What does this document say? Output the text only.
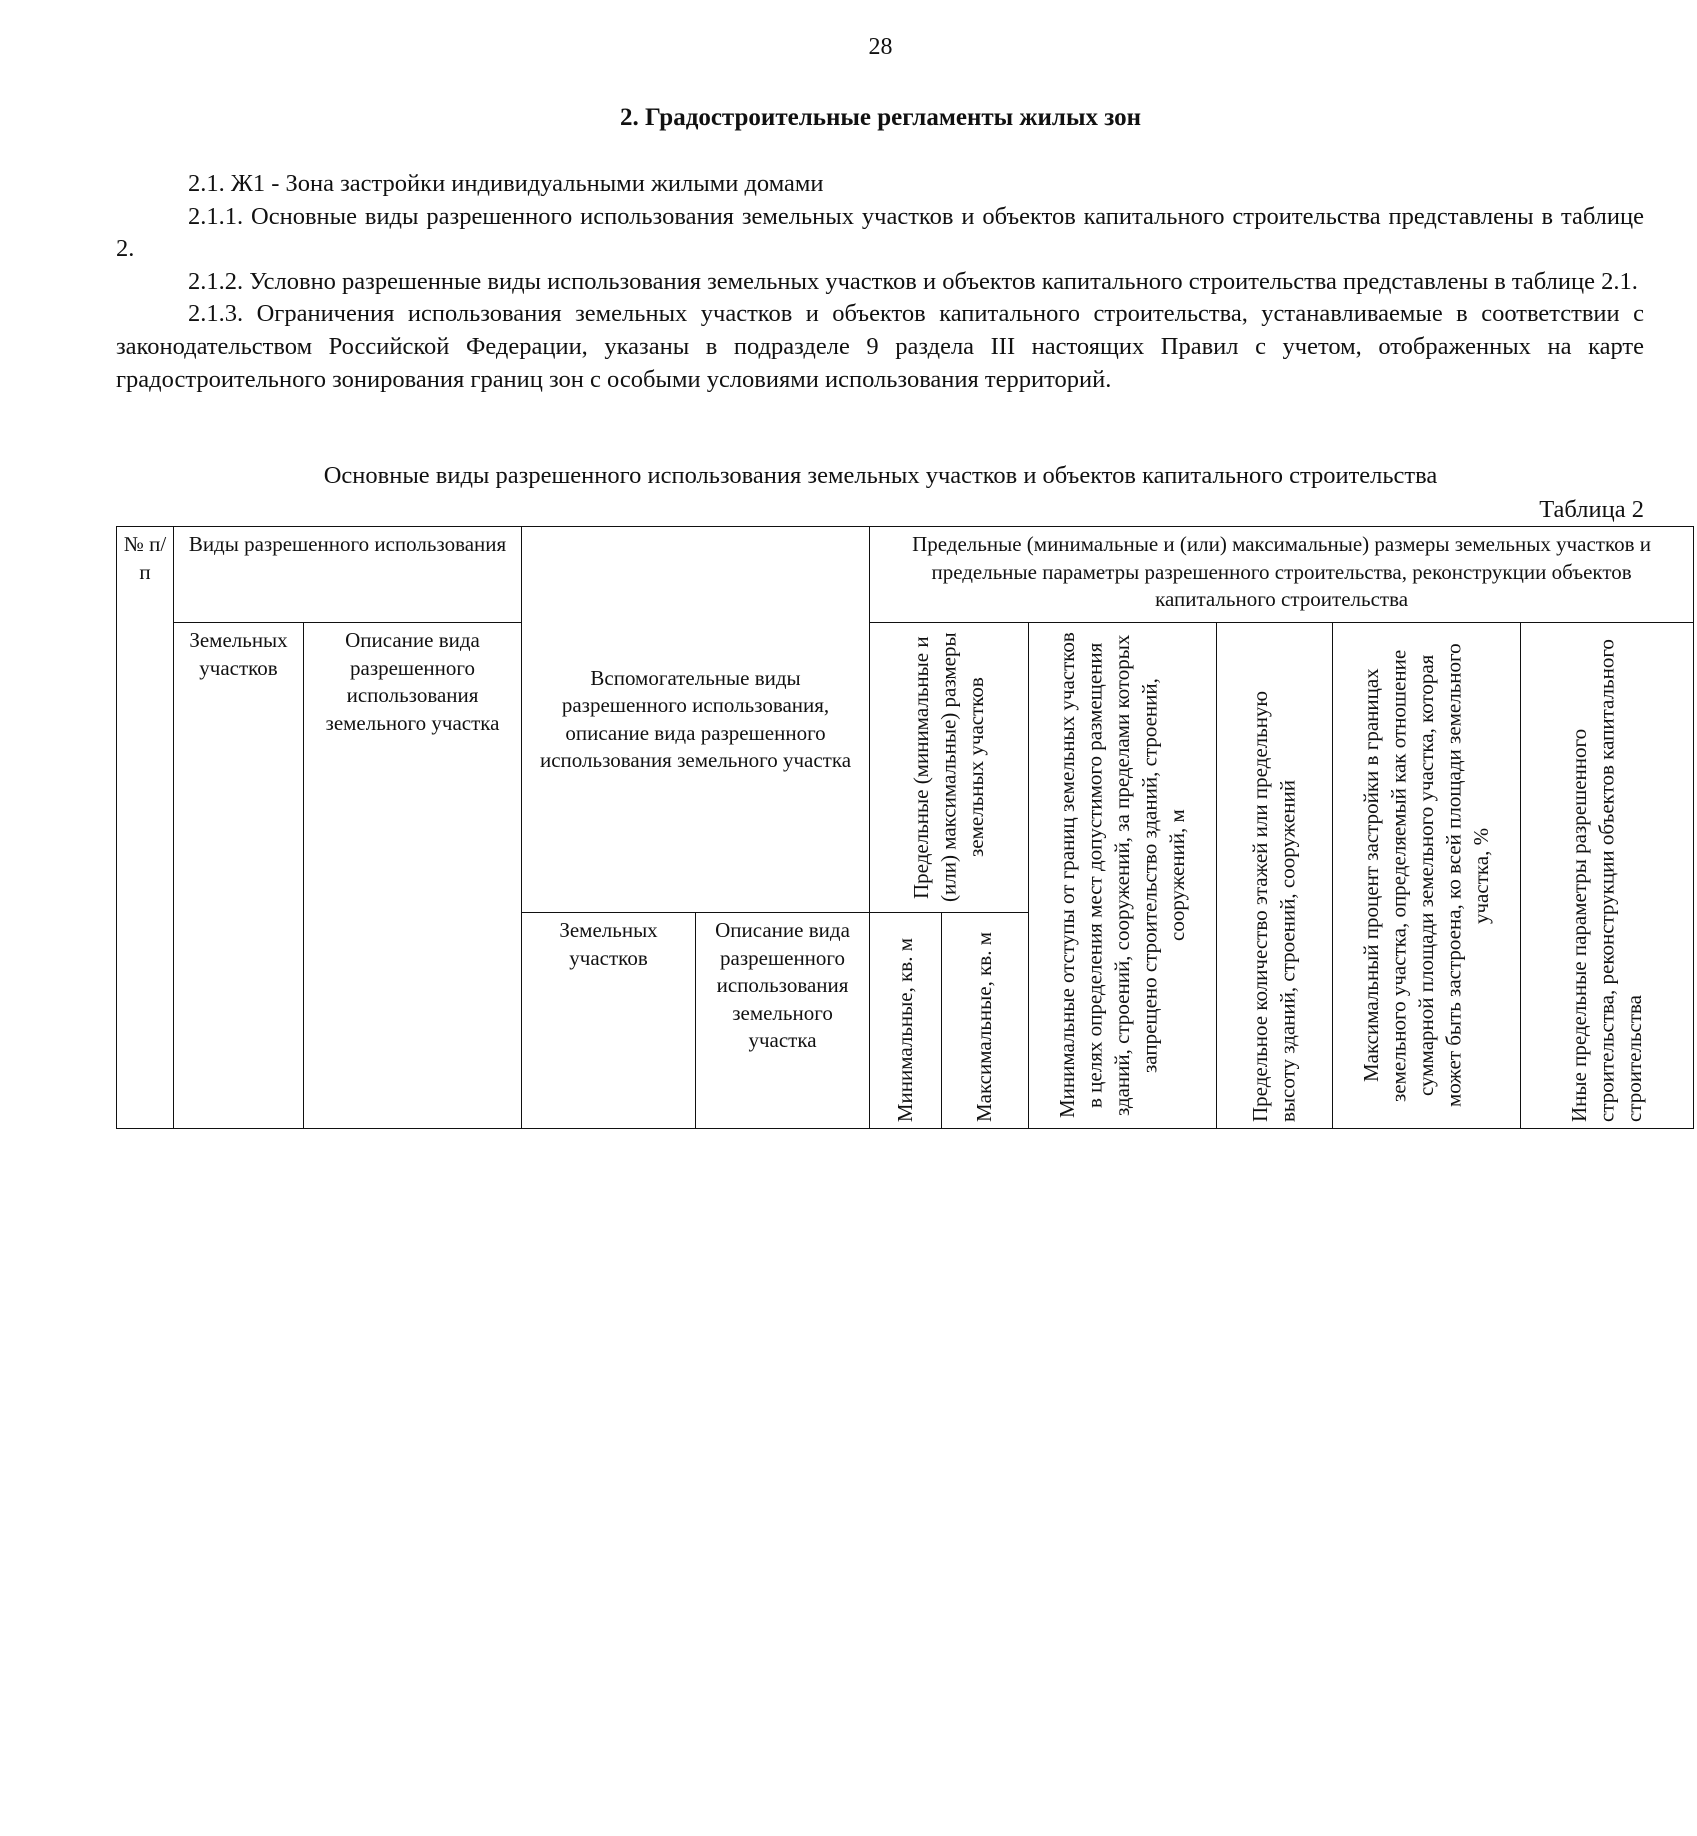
28
2. Градостроительные регламенты жилых зон

2.1. Ж1 - Зона застройки индивидуальными жилыми домами

2.1.1. Основные виды разрешенного использования земельных участков и объектов капитального строительства представлены в таблице 2.

2.1.2. Условно разрешенные виды использования земельных участков и объектов капитального строительства представлены в таблице 2.1.

2.1.3. Ограничения использования земельных участков и объектов капитального строительства, устанавливаемые в соответствии с законодательством Российской Федерации, указаны в подразделе 9 раздела III настоящих Правил с учетом, отображенных на карте градостроительного зонирования границ зон с особыми условиями использования территорий.

Основные виды разрешенного использования земельных участков и объектов капитального строительства
Таблица 2
№ п/п	Виды разрешенного использования		Вспомогательные виды разрешенного использования, описание вида разрешенного использования земельного участка		Предельные (минимальные и (или) максимальные) размеры земельных участков и предельные параметры разрешенного строительства, реконструкции объектов капитального строительства					
	Земельных участков	Описание вида разрешенного использования земельного участка			Предельные (минимальные и (или) максимальные) размеры земельных участков		Минимальные отступы от границ земельных участков в целях определения мест допустимого размещения зданий, строений, сооружений, за пределами которых запрещено строительство зданий, строений, сооружений, м	Предельное количество этажей или предельную высоту зданий, строений, сооружений	Максимальный процент застройки в границах земельного участка, определяемый как отношение суммарной площади земельного участка, которая может быть застроена, ко всей площади земельного участка, %	Иные предельные параметры разрешенного строительства, реконструкции объектов капитального строительства

			Земельных участков	Описание вида разрешенного использования земельного участка	Минимальные, кв. м	Максимальные, кв. м				
